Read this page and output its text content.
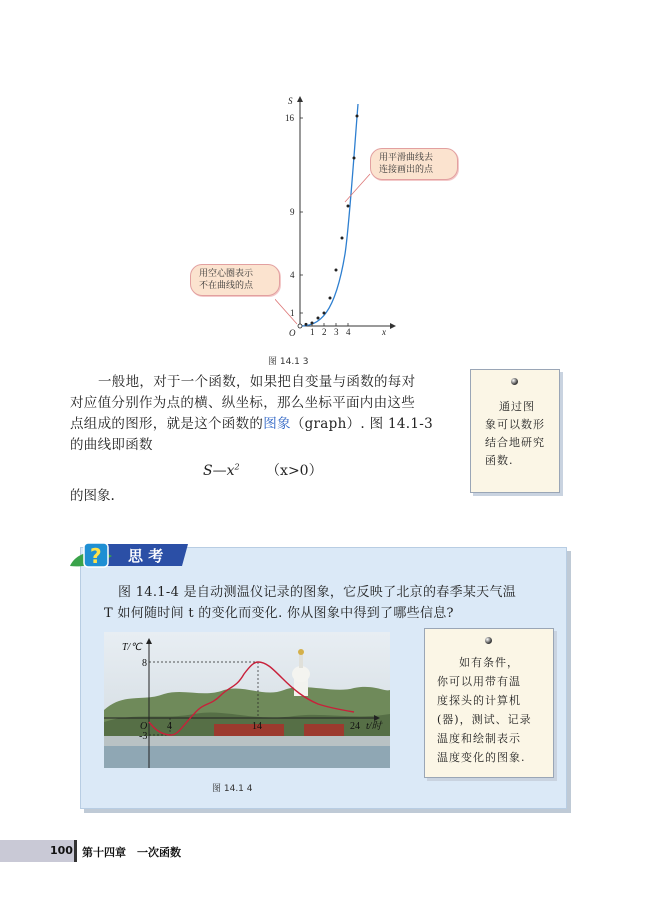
S
x
O
1
4
9
16
1 2 3 4
用平滑曲线去
连接画出的点
用空心圈表示
不在曲线的点
图 14.1 3
一般地，对于一个函数，如果把自变量与函数的每对
对应值分别作为点的横、纵坐标，那么坐标平面内由这些
点组成的图形，就是这个函数的图象（graph）. 图 14.1-3
的曲线即函数
$S—x^2$ （x>0）
的图象.
通过图
象可以数形
结合地研究
函数.
? 思 考
图 14.1-4 是自动测温仪记录的图象，它反映了北京的春季某天气温
T 如何随时间 t 的变化而变化. 你从图象中得到了哪些信息?
T/℃
8
-3
O 4	14	24 t/时
图 14.1 4
如有条件，
你可以用带有温
度探头的计算机
(器)，测试、记录
温度和绘制表示
温度变化的图象.
100 第十四章　一次函数
